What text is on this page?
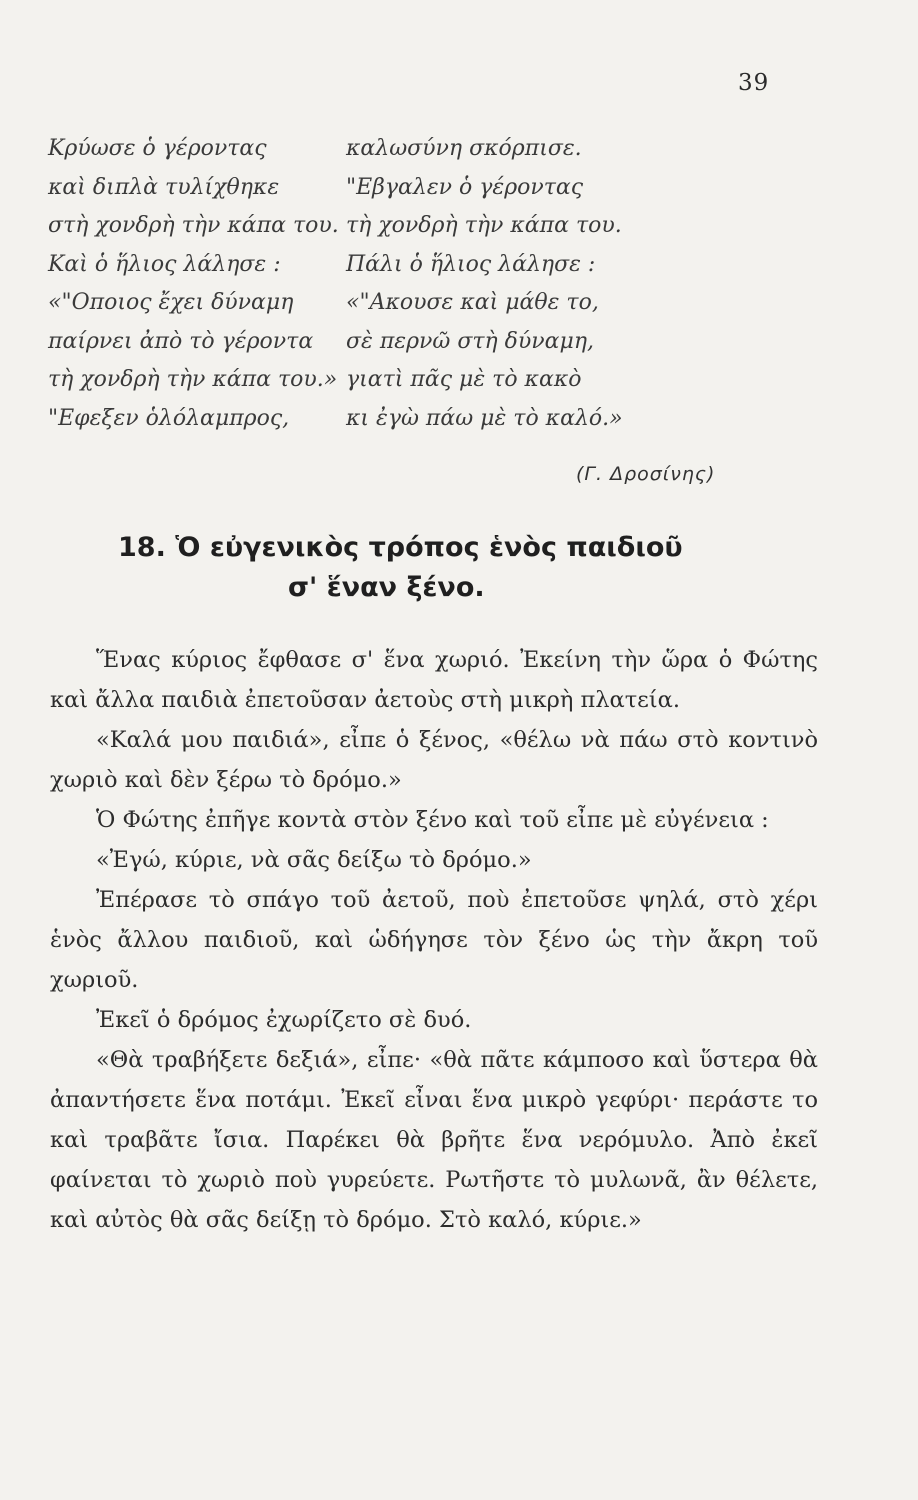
39
Κρύωσε ὁ γέροντας
καὶ διπλὰ τυλίχθηκε
στὴ χονδρὴ τὴν κάπα του.
Καὶ ὁ ἥλιος λάλησε :
«"Οποιος ἔχει δύναμη
παίρνει ἀπὸ τὸ γέροντα
τὴ χονδρὴ τὴν κάπα του.»
"Εφεξεν ὁλόλαμπρος,
καλωσύνη σκόρπισε.
"Εβγαλεν ὁ γέροντας
τὴ χονδρὴ τὴν κάπα του.
Πάλι ὁ ἥλιος λάλησε :
«"Ακουσε καὶ μάθε το,
σὲ περνῶ στὴ δύναμη,
γιατὶ πᾶς μὲ τὸ κακὸ
κι ἐγὼ πάω μὲ τὸ καλό.»
(Γ. Δροσίνης)
18. Ὁ εὐγενικὸς τρόπος ἑνὸς παιδιοῦ
σ' ἕναν ξένο.

Ἕνας κύριος ἔφθασε σ' ἕνα χωριό. Ἐκείνη τὴν ὥρα ὁ Φώτης καὶ ἄλλα παιδιὰ ἐπετοῦσαν ἀετοὺς στὴ μικρὴ πλατεία.

«Καλά μου παιδιά», εἶπε ὁ ξένος, «θέλω νὰ πάω στὸ κοντινὸ χωριὸ καὶ δὲν ξέρω τὸ δρόμο.»

Ὁ Φώτης ἐπῆγε κοντὰ στὸν ξένο καὶ τοῦ εἶπε μὲ εὐγένεια :

«Ἐγώ, κύριε, νὰ σᾶς δείξω τὸ δρόμο.»

Ἐπέρασε τὸ σπάγο τοῦ ἀετοῦ, ποὺ ἐπετοῦσε ψηλά, στὸ χέρι ἑνὸς ἄλλου παιδιοῦ, καὶ ὡδήγησε τὸν ξένο ὡς τὴν ἄκρη τοῦ χωριοῦ.

Ἐκεῖ ὁ δρόμος ἐχωρίζετο σὲ δυό.

«Θὰ τραβήξετε δεξιά», εἶπε· «θὰ πᾶτε κάμποσο καὶ ὕστερα θὰ ἀπαντήσετε ἕνα ποτάμι. Ἐκεῖ εἶναι ἕνα μικρὸ γεφύρι· περάστε το καὶ τραβᾶτε ἴσια. Παρέκει θὰ βρῆτε ἕνα νερόμυλο. Ἀπὸ ἐκεῖ φαίνεται τὸ χωριὸ ποὺ γυρεύετε. Ρωτῆστε τὸ μυλωνᾶ, ἂν θέλετε, καὶ αὐτὸς θὰ σᾶς δείξῃ τὸ δρόμο. Στὸ καλό, κύριε.»
